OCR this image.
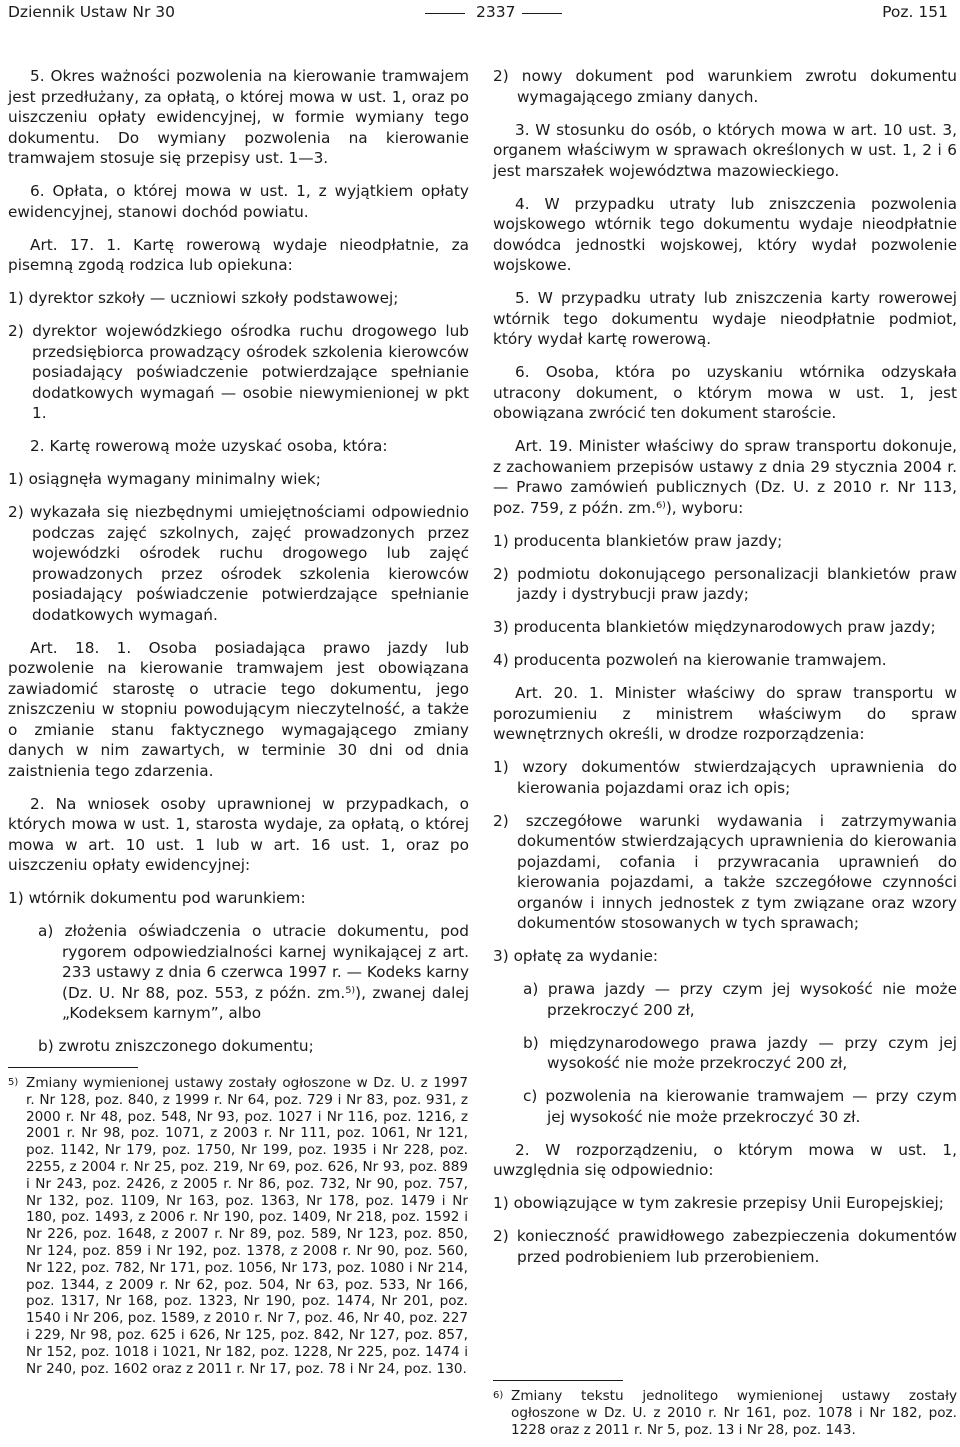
Dziennik Ustaw Nr 30	2337	Poz. 151

5. Okres ważności pozwolenia na kierowanie tramwajem jest przedłużany, za opłatą, o której mowa w ust. 1, oraz po uiszczeniu opłaty ewidencyjnej, w formie wymiany tego dokumentu. Do wymiany pozwolenia na kierowanie tramwajem stosuje się przepisy ust. 1—3.

6. Opłata, o której mowa w ust. 1, z wyjątkiem opłaty ewidencyjnej, stanowi dochód powiatu.

Art. 17. 1. Kartę rowerową wydaje nieodpłatnie, za pisemną zgodą rodzica lub opiekuna:

1) dyrektor szkoły — uczniowi szkoły podstawowej;

2) dyrektor wojewódzkiego ośrodka ruchu drogowego lub przedsiębiorca prowadzący ośrodek szkolenia kierowców posiadający poświadczenie potwierdzające spełnianie dodatkowych wymagań — osobie niewymienionej w pkt 1.

2. Kartę rowerową może uzyskać osoba, która:

1) osiągnęła wymagany minimalny wiek;

2) wykazała się niezbędnymi umiejętnościami odpowiednio podczas zajęć szkolnych, zajęć prowadzonych przez wojewódzki ośrodek ruchu drogowego lub zajęć prowadzonych przez ośrodek szkolenia kierowców posiadający poświadczenie potwierdzające spełnianie dodatkowych wymagań.

Art. 18. 1. Osoba posiadająca prawo jazdy lub pozwolenie na kierowanie tramwajem jest obowiązana zawiadomić starostę o utracie tego dokumentu, jego zniszczeniu w stopniu powodującym nieczytelność, a także o zmianie stanu faktycznego wymagającego zmiany danych w nim zawartych, w terminie 30 dni od dnia zaistnienia tego zdarzenia.

2. Na wniosek osoby uprawnionej w przypadkach, o których mowa w ust. 1, starosta wydaje, za opłatą, o której mowa w art. 10 ust. 1 lub w art. 16 ust. 1, oraz po uiszczeniu opłaty ewidencyjnej:

1) wtórnik dokumentu pod warunkiem:

a) złożenia oświadczenia o utracie dokumentu, pod rygorem odpowiedzialności karnej wynikającej z art. 233 ustawy z dnia 6 czerwca 1997 r. — Kodeks karny (Dz. U. Nr 88, poz. 553, z późn. zm.⁵⁾), zwanej dalej „Kodeksem karnym”, albo

b) zwrotu zniszczonego dokumentu;

2) nowy dokument pod warunkiem zwrotu dokumentu wymagającego zmiany danych.

3. W stosunku do osób, o których mowa w art. 10 ust. 3, organem właściwym w sprawach określonych w ust. 1, 2 i 6 jest marszałek województwa mazowieckiego.

4. W przypadku utraty lub zniszczenia pozwolenia wojskowego wtórnik tego dokumentu wydaje nieodpłatnie dowódca jednostki wojskowej, który wydał pozwolenie wojskowe.

5. W przypadku utraty lub zniszczenia karty rowerowej wtórnik tego dokumentu wydaje nieodpłatnie podmiot, który wydał kartę rowerową.

6. Osoba, która po uzyskaniu wtórnika odzyskała utracony dokument, o którym mowa w ust. 1, jest obowiązana zwrócić ten dokument staroście.

Art. 19. Minister właściwy do spraw transportu dokonuje, z zachowaniem przepisów ustawy z dnia 29 stycznia 2004 r. — Prawo zamówień publicznych (Dz. U. z 2010 r. Nr 113, poz. 759, z późn. zm.⁶⁾), wyboru:

1) producenta blankietów praw jazdy;

2) podmiotu dokonującego personalizacji blankietów praw jazdy i dystrybucji praw jazdy;

3) producenta blankietów międzynarodowych praw jazdy;

4) producenta pozwoleń na kierowanie tramwajem.

Art. 20. 1. Minister właściwy do spraw transportu w porozumieniu z ministrem właściwym do spraw wewnętrznych określi, w drodze rozporządzenia:

1) wzory dokumentów stwierdzających uprawnienia do kierowania pojazdami oraz ich opis;

2) szczegółowe warunki wydawania i zatrzymywania dokumentów stwierdzających uprawnienia do kierowania pojazdami, cofania i przywracania uprawnień do kierowania pojazdami, a także szczegółowe czynności organów i innych jednostek z tym związane oraz wzory dokumentów stosowanych w tych sprawach;

3) opłatę za wydanie:

a) prawa jazdy — przy czym jej wysokość nie może przekroczyć 200 zł,

b) międzynarodowego prawa jazdy — przy czym jej wysokość nie może przekroczyć 200 zł,

c) pozwolenia na kierowanie tramwajem — przy czym jej wysokość nie może przekroczyć 30 zł.

2. W rozporządzeniu, o którym mowa w ust. 1, uwzględnia się odpowiednio:

1) obowiązujące w tym zakresie przepisy Unii Europejskiej;

2) konieczność prawidłowego zabezpieczenia dokumentów przed podrobieniem lub przerobieniem.

5) Zmiany wymienionej ustawy zostały ogłoszone w Dz. U. z 1997 r. Nr 128, poz. 840, z 1999 r. Nr 64, poz. 729 i Nr 83, poz. 931, z 2000 r. Nr 48, poz. 548, Nr 93, poz. 1027 i Nr 116, poz. 1216, z 2001 r. Nr 98, poz. 1071, z 2003 r. Nr 111, poz. 1061, Nr 121, poz. 1142, Nr 179, poz. 1750, Nr 199, poz. 1935 i Nr 228, poz. 2255, z 2004 r. Nr 25, poz. 219, Nr 69, poz. 626, Nr 93, poz. 889 i Nr 243, poz. 2426, z 2005 r. Nr 86, poz. 732, Nr 90, poz. 757, Nr 132, poz. 1109, Nr 163, poz. 1363, Nr 178, poz. 1479 i Nr 180, poz. 1493, z 2006 r. Nr 190, poz. 1409, Nr 218, poz. 1592 i Nr 226, poz. 1648, z 2007 r. Nr 89, poz. 589, Nr 123, poz. 850, Nr 124, poz. 859 i Nr 192, poz. 1378, z 2008 r. Nr 90, poz. 560, Nr 122, poz. 782, Nr 171, poz. 1056, Nr 173, poz. 1080 i Nr 214, poz. 1344, z 2009 r. Nr 62, poz. 504, Nr 63, poz. 533, Nr 166, poz. 1317, Nr 168, poz. 1323, Nr 190, poz. 1474, Nr 201, poz. 1540 i Nr 206, poz. 1589, z 2010 r. Nr 7, poz. 46, Nr 40, poz. 227 i 229, Nr 98, poz. 625 i 626, Nr 125, poz. 842, Nr 127, poz. 857, Nr 152, poz. 1018 i 1021, Nr 182, poz. 1228, Nr 225, poz. 1474 i Nr 240, poz. 1602 oraz z 2011 r. Nr 17, poz. 78 i Nr 24, poz. 130.
6) Zmiany tekstu jednolitego wymienionej ustawy zostały ogłoszone w Dz. U. z 2010 r. Nr 161, poz. 1078 i Nr 182, poz. 1228 oraz z 2011 r. Nr 5, poz. 13 i Nr 28, poz. 143.
